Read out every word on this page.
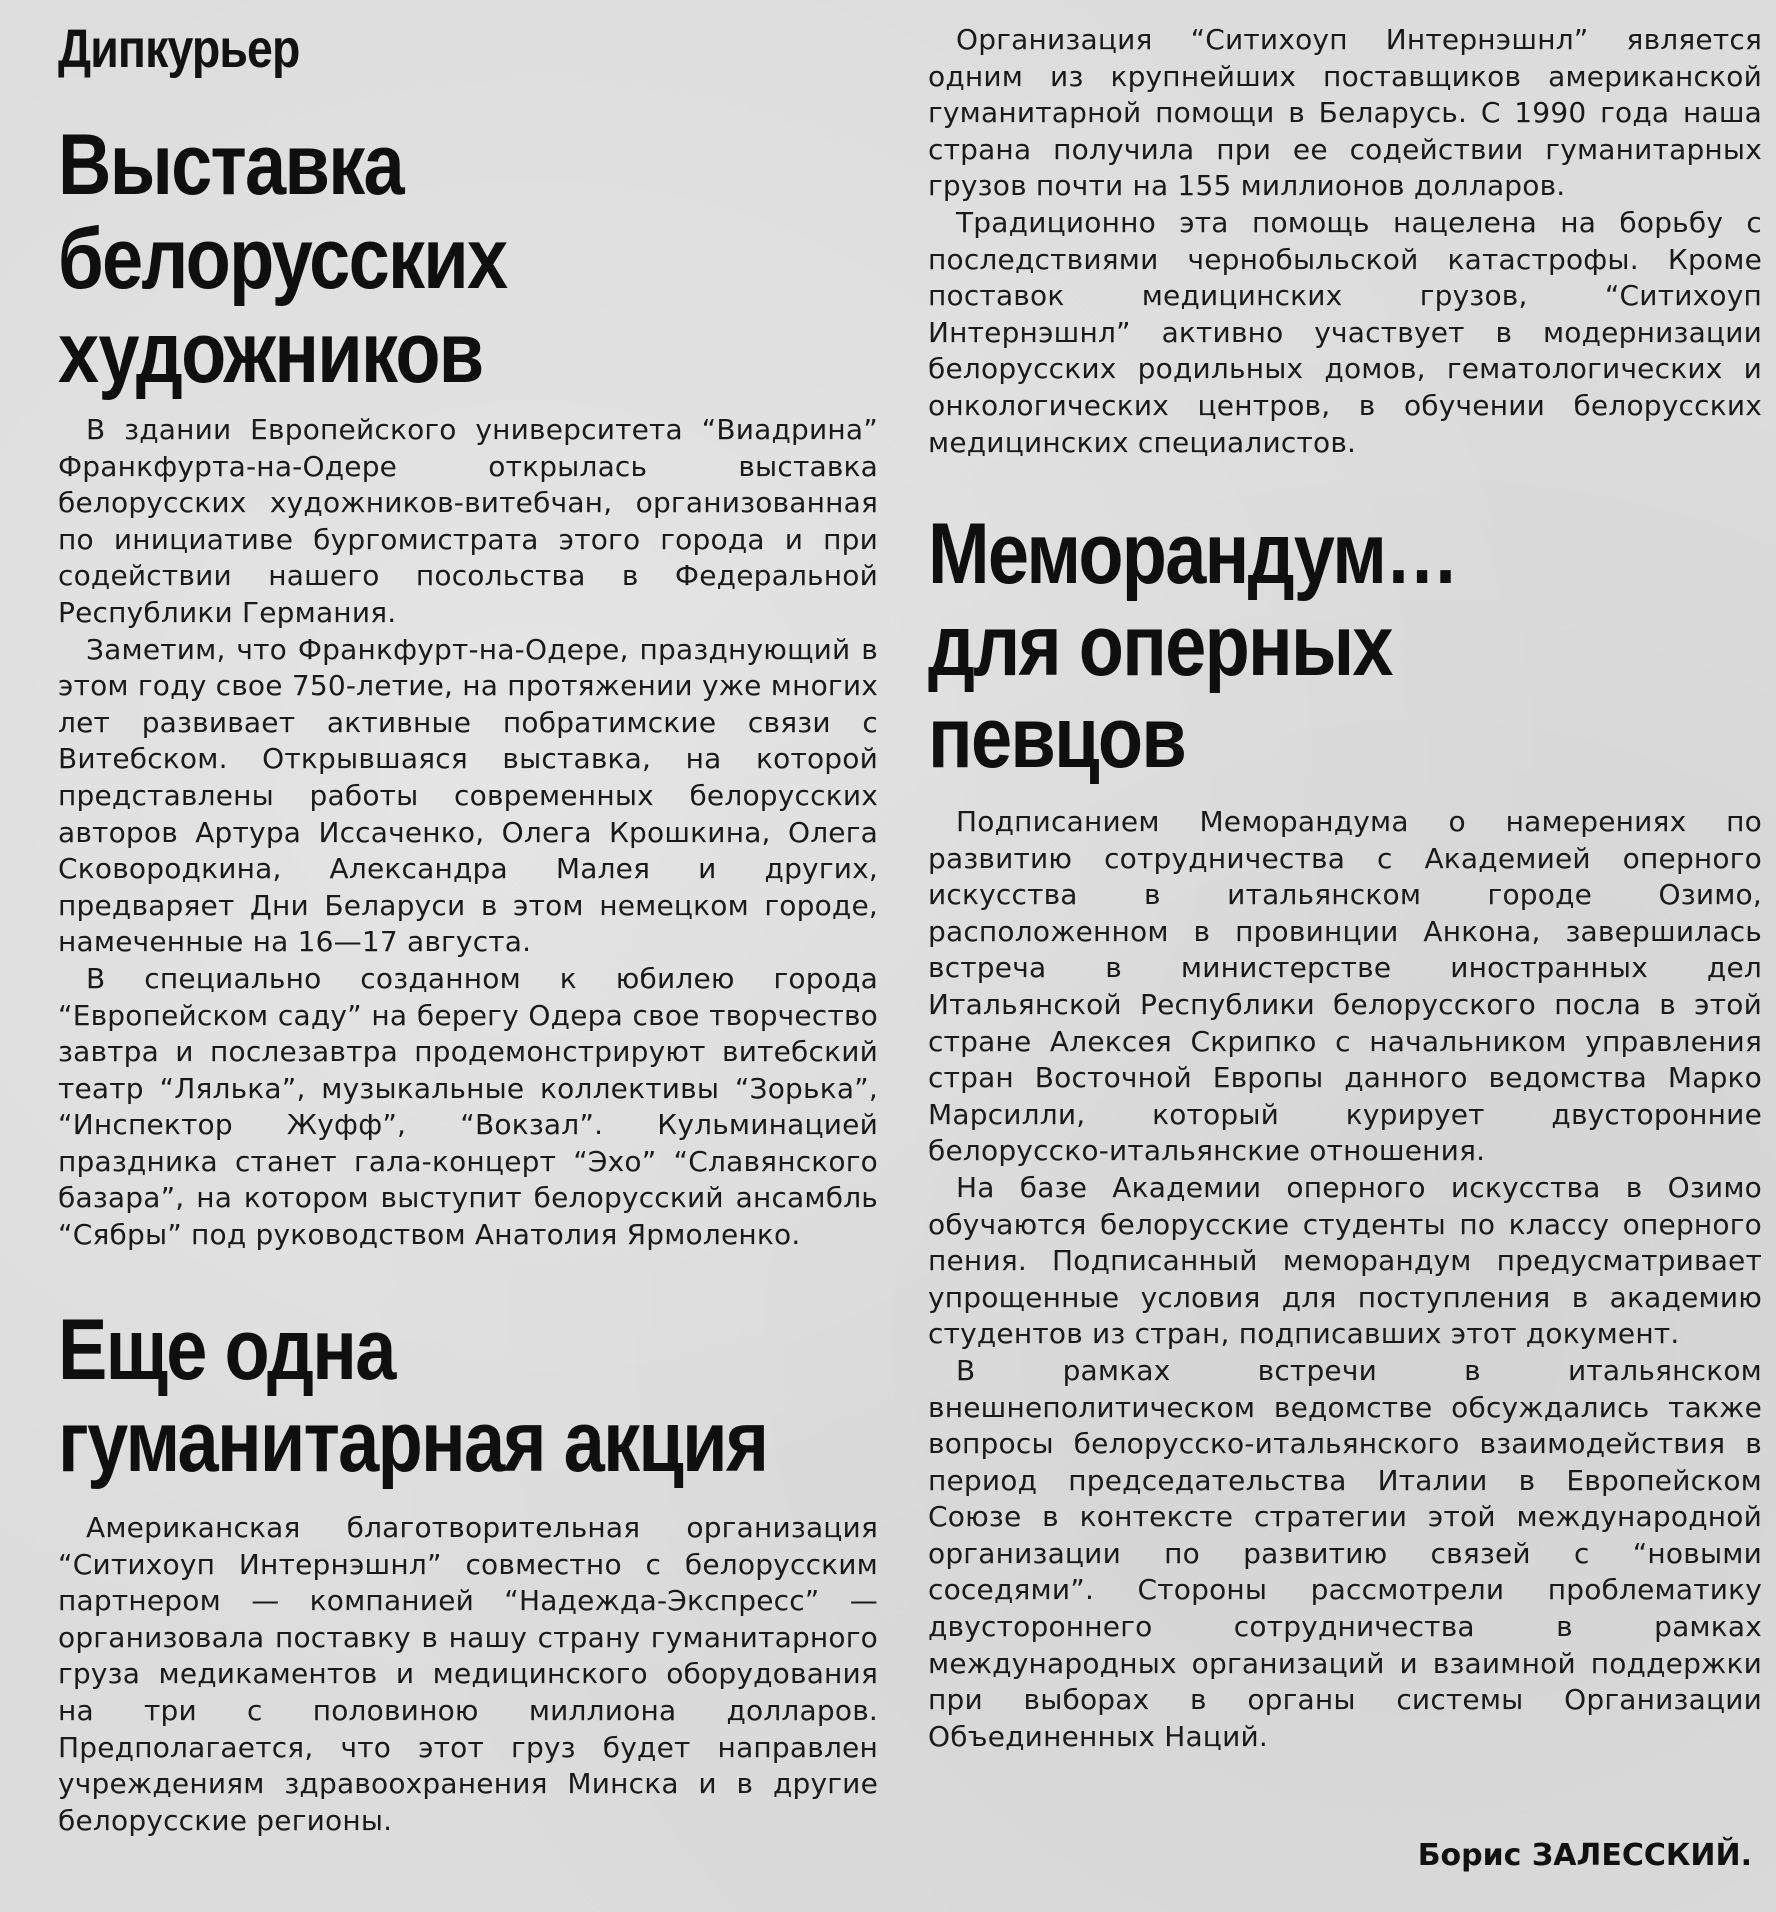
Дипкурьер
Выставка
белорусских
художников

В здании Европейского университета “Виадрина” Франкфурта-на-Одере открылась выставка белорусских художников-витебчан, организованная по инициативе бургомистрата этого города и при содействии нашего посольства в Федеральной Республики Германия.

Заметим, что Франкфурт-на-Одере, празднующий в этом году свое 750-летие, на протяжении уже многих лет развивает активные побратимские связи с Витебском. Открывшаяся выставка, на которой представлены работы современных белорусских авторов Артура Иссаченко, Олега Крошкина, Олега Сковородкина, Александра Малея и других, предваряет Дни Беларуси в этом немецком городе, намеченные на 16—17 августа.

В специально созданном к юбилею города “Европейском саду” на берегу Одера свое творчество завтра и послезавтра продемонстрируют витебский театр “Лялька”, музыкальные коллективы “Зорька”, “Инспектор Жуфф”, “Вокзал”. Кульминацией праздника станет гала-концерт “Эхо” “Славянского базара”, на котором выступит белорусский ансамбль “Сябры” под руководством Анатолия Ярмоленко.

Еще одна
гуманитарная акция

Американская благотворительная организация “Ситихоуп Интернэшнл” совместно с белорусским партнером — компанией “Надежда-Экспресс” — организовала поставку в нашу страну гуманитарного груза медикаментов и медицинского оборудования на три с половиною миллиона долларов. Предполагается, что этот груз будет направлен учреждениям здравоохранения Минска и в другие белорусские регионы.

Организация “Ситихоуп Интернэшнл” является одним из крупнейших поставщиков американской гуманитарной помощи в Беларусь. С 1990 года наша страна получила при ее содействии гуманитарных грузов почти на 155 миллионов долларов.

Традиционно эта помощь нацелена на борьбу с последствиями чернобыльской катастрофы. Кроме поставок медицинских грузов, “Ситихоуп Интернэшнл” активно участвует в модернизации белорусских родильных домов, гематологических и онкологических центров, в обучении белорусских медицинских специалистов.

Меморандум…
для оперных
певцов

Подписанием Меморандума о намерениях по развитию сотрудничества с Академией оперного искусства в итальянском городе Озимо, расположенном в провинции Анкона, завершилась встреча в министерстве иностранных дел Итальянской Республики белорусского посла в этой стране Алексея Скрипко с начальником управления стран Восточной Европы данного ведомства Марко Марсилли, который курирует двусторонние белорусско-итальянские отношения.

На базе Академии оперного искусства в Озимо обучаются белорусские студенты по классу оперного пения. Подписанный меморандум предусматривает упрощенные условия для поступления в академию студентов из стран, подписавших этот документ.

В рамках встречи в итальянском внешнеполитическом ведомстве обсуждались также вопросы белорусско-итальянского взаимодействия в период председательства Италии в Европейском Союзе в контексте стратегии этой международной организации по развитию связей с “новыми соседями”. Стороны рассмотрели проблематику двустороннего сотрудничества в рамках международных организаций и взаимной поддержки при выборах в органы системы Организации Объединенных Наций.

Борис ЗАЛЕССКИЙ.
